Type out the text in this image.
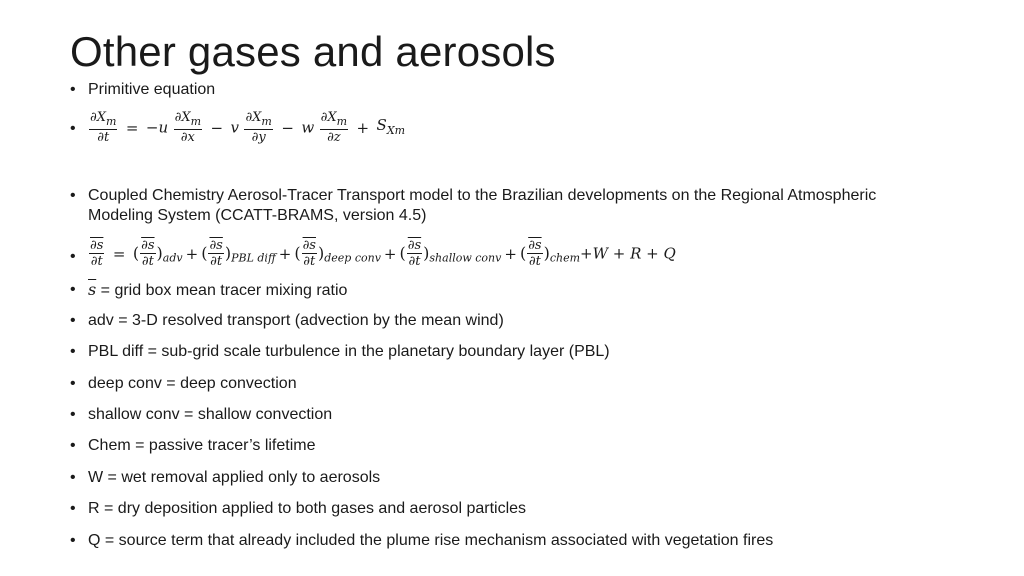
Other gases and aerosols
• Primitive equation
•	$\frac{\partial X_m}{\partial t} = -u \frac{\partial X_m}{\partial x} - v \frac{\partial X_m}{\partial y} - w \frac{\partial X_m}{\partial z} + S_{Xm}$
• Coupled Chemistry Aerosol-Tracer Transport model to the Brazilian developments on the Regional Atmospheric
Modeling System (CCATT-BRAMS, version 4.5)
•	$\frac{\partial s}{\partial t}$ = ( $\frac{\partial s}{\partial t} )_{adv}$ + ( $\frac{\partial s}{\partial t} )_{PBL diff}$ + ( $\frac{\partial s}{\partial t} )_{deep conv}$ + ( $\frac{\partial s}{\partial t} )_{shallow conv}$ + ( $\frac{\partial s}{\partial t} )_{chem}+W + R + Q$
• $\overline{s}$ = grid box mean tracer mixing ratio
• adv = 3-D resolved transport (advection by the mean wind)
• PBL diff = sub-grid scale turbulence in the planetary boundary layer (PBL)
• deep conv = deep convection
• shallow conv = shallow convection
• Chem = passive tracer’s lifetime
• W = wet removal applied only to aerosols
• R = dry deposition applied to both gases and aerosol particles
• Q = source term that already included the plume rise mechanism associated with vegetation fires
